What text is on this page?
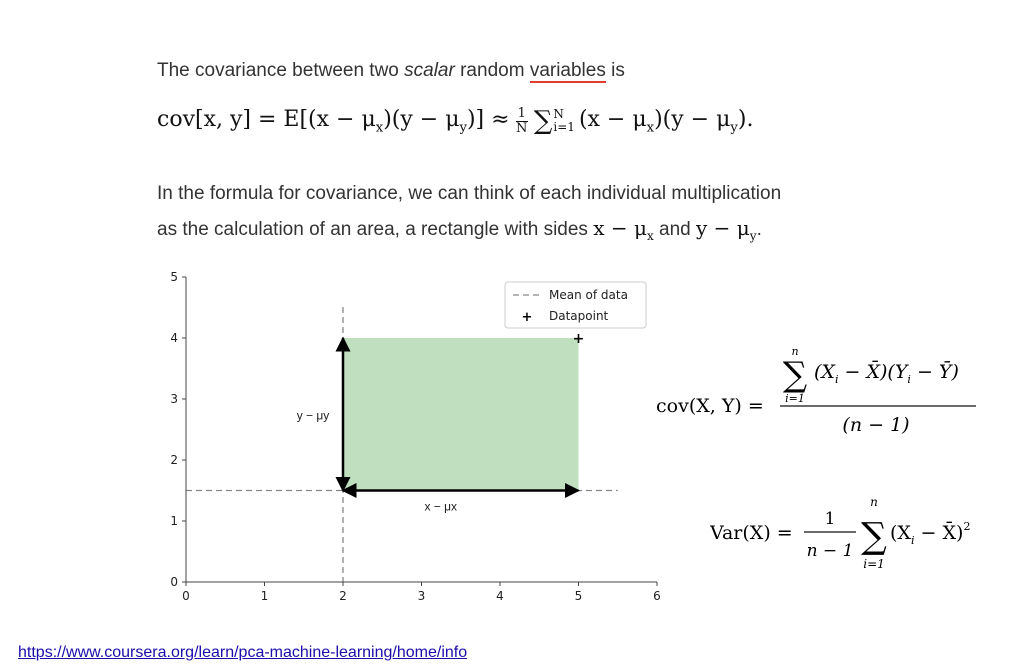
The covariance between two scalar random variables is
cov[x, $y] = E[(x - \mu_x)(y - \mu_y)] \approx \frac{1}{N}$ ∑ N
i=1 $(x - \mu_x)(y - \mu_y)$.
In the formula for covariance, we can think of each individual multiplication
as the calculation of an area, a rectangle with sides $x - \mu_x$ and $y - \mu_y$.
y − μy
x − μx
+
0	1	2	3	4	5	6
0
1
2
3
4
5
Mean of data
+ Datapoint
cov(X, Y) =
n
∑
i=1
($X_i$ − $X̄)(Y_i$ − Ȳ)
(n − 1)
Var(X) =
1
n − 1
n
∑
i=1
($X_i$ − X̄)$^2$
https://www.coursera.org/learn/pca-machine-learning/home/info
